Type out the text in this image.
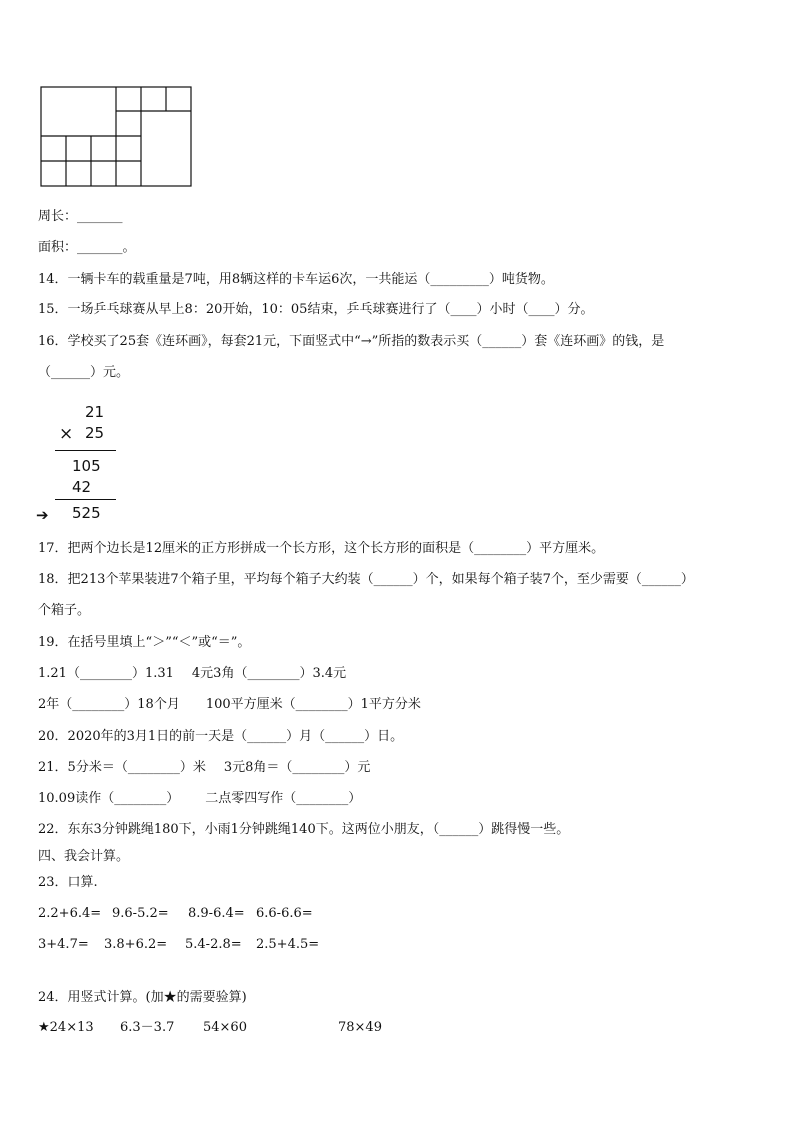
周长：_______
面积：_______。
14．一辆卡车的载重量是7吨，用8辆这样的卡车运6次，一共能运（_________）吨货物。
15．一场乒乓球赛从早上8：20开始，10：05结束，乒乓球赛进行了（____）小时（____）分。
16．学校买了25套《连环画》，每套21元，下面竖式中“→”所指的数表示买（______）套《连环画》的钱，是
（______）元。
21
× 25
105
42
➔ 525
17．把两个边长是12厘米的正方形拼成一个长方形，这个长方形的面积是（________）平方厘米。
18．把213个苹果装进7个箱子里，平均每个箱子大约装（______）个，如果每个箱子装7个，至少需要（______）
个箱子。
19．在括号里填上“＞”“＜”或“＝”。
1.21（________）1.31 4元3角（________）3.4元
2年（________）18个月 100平方厘米（________）1平方分米
20．2020年的3月1日的前一天是（______）月（______）日。
21．5分米＝（________）米 3元8角＝（________）元
10.09读作（________） 二点零四写作（________）
22．东东3分钟跳绳180下，小雨1分钟跳绳140下。这两位小朋友，（______）跳得慢一些。
四、我会计算。
23．口算.
2.2+6.4= 9.6-5.2= 8.9-6.4= 6.6-6.6=
3+4.7= 3.8+6.2= 5.4-2.8= 2.5+4.5=
24．用竖式计算。(加★的需要验算)
★24×13 6.3－3.7 54×60	78×49
